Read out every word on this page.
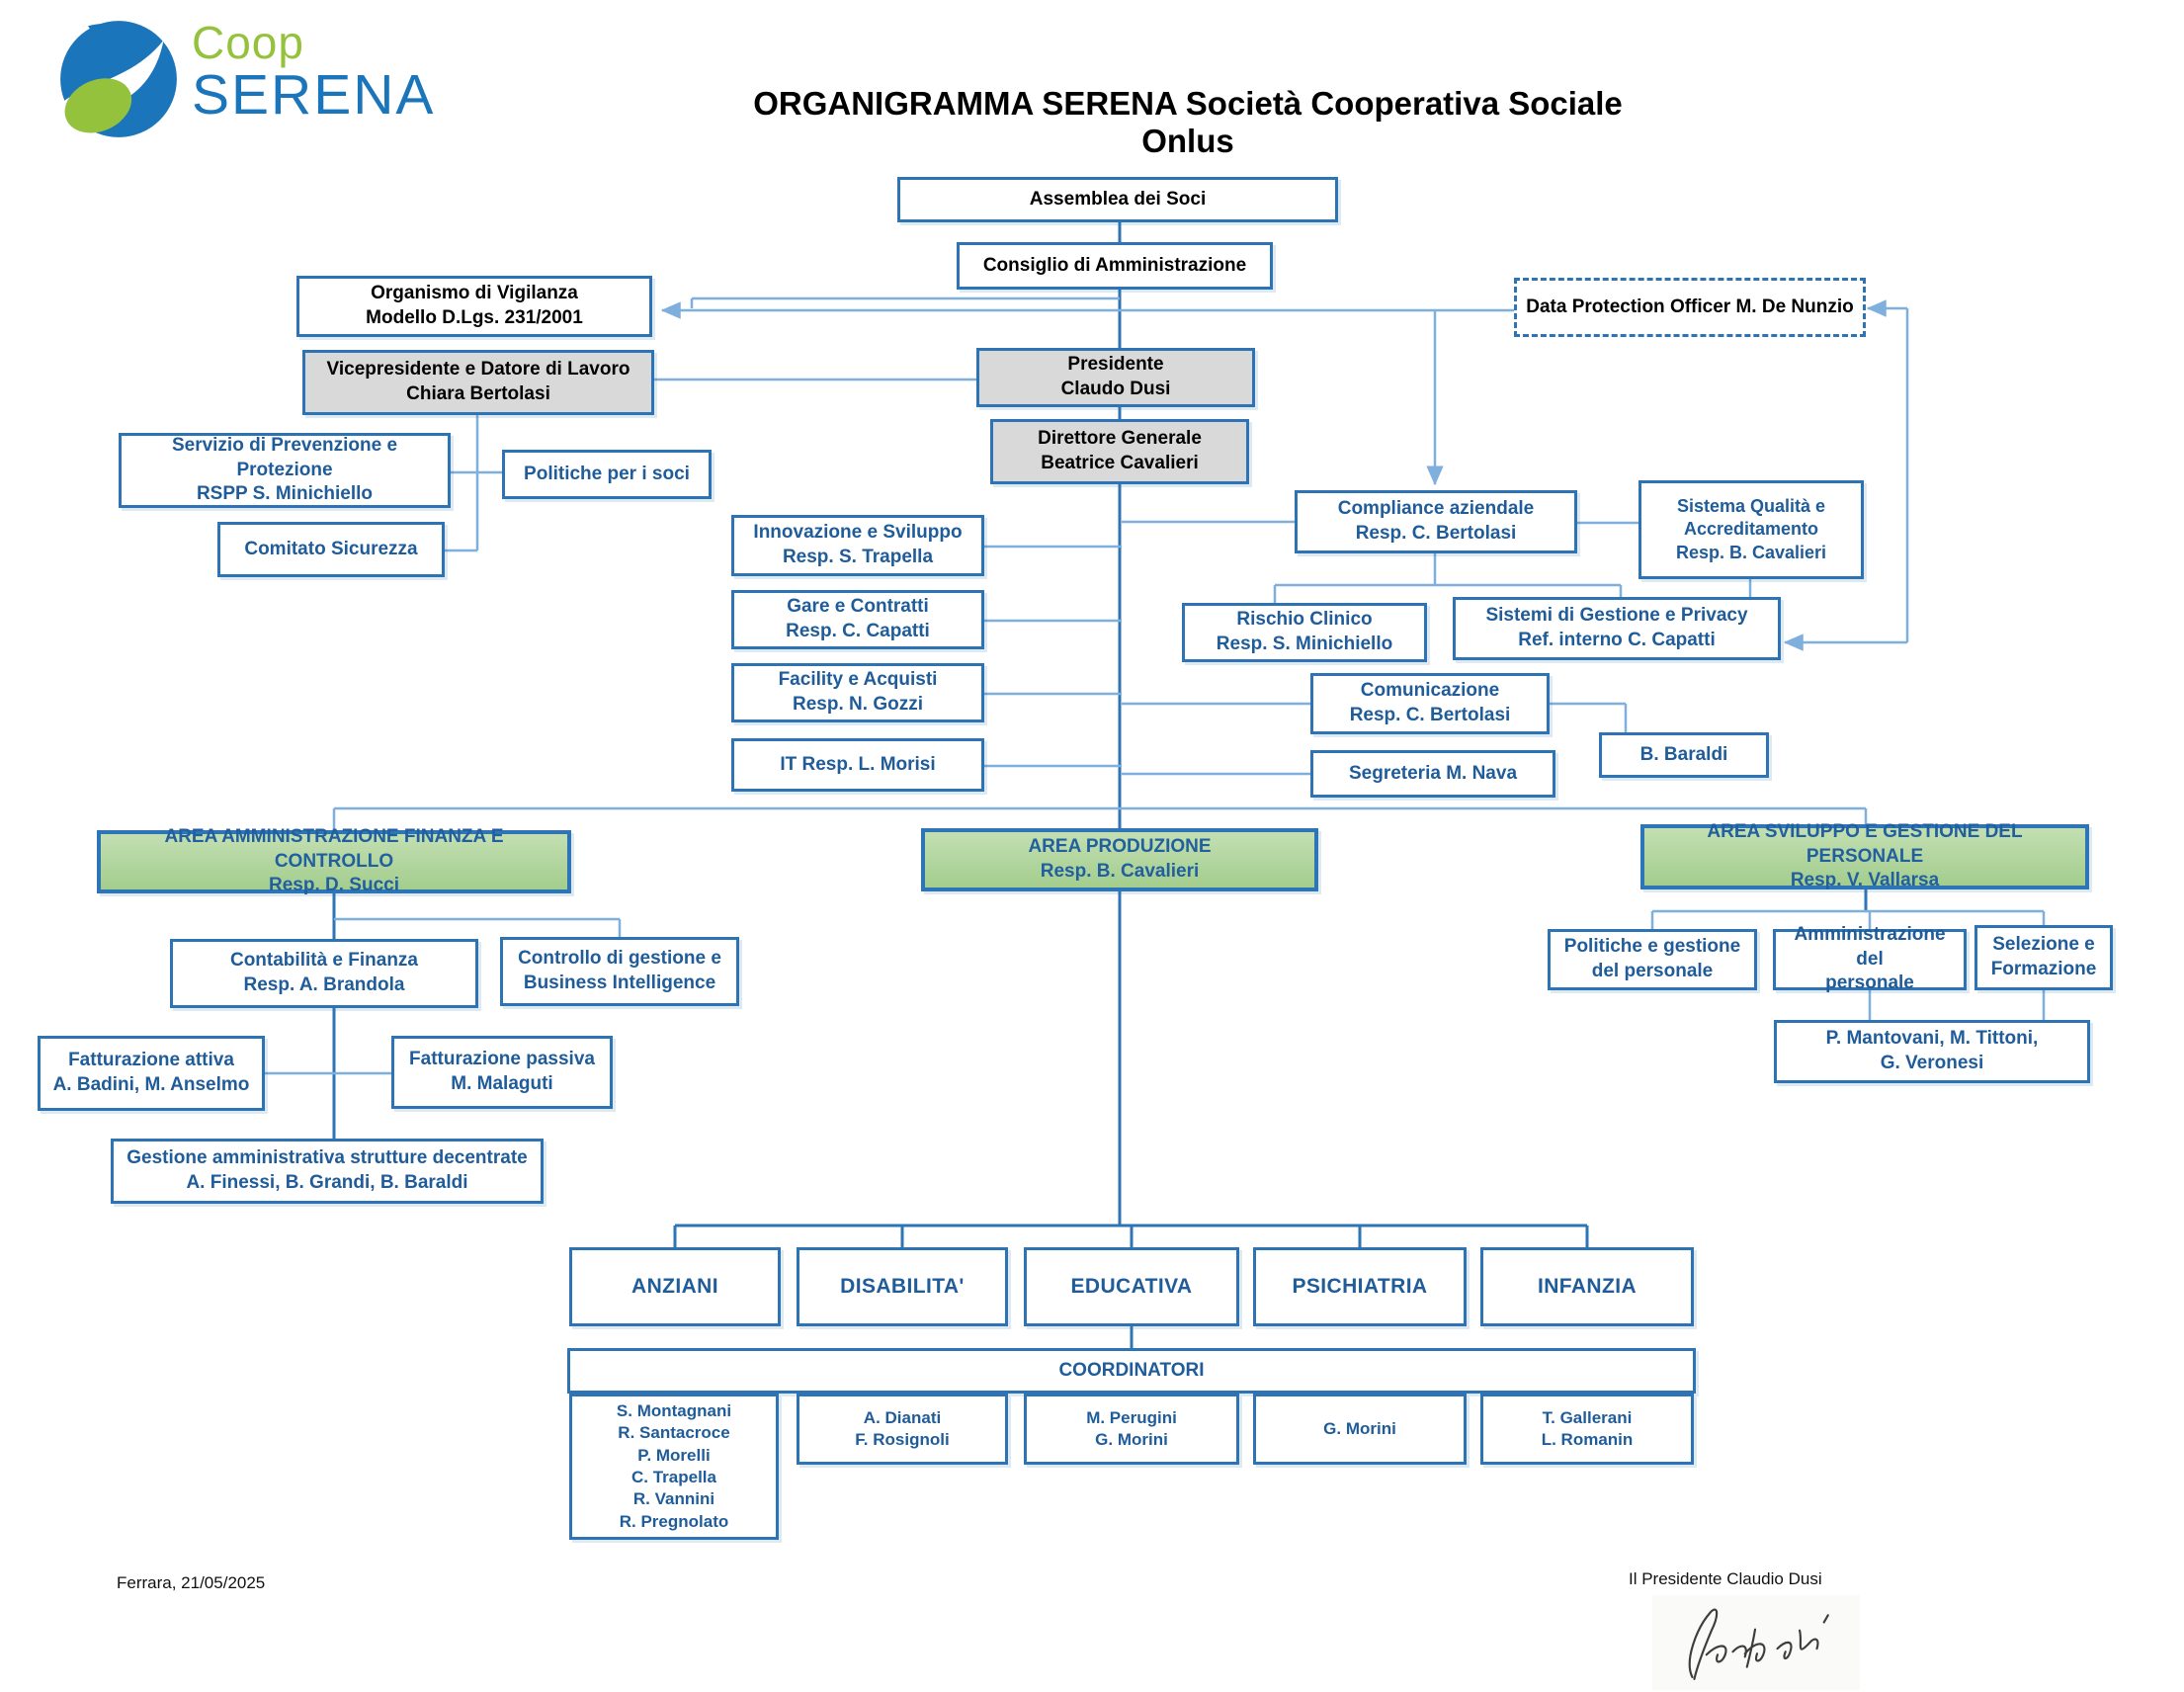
Coop
SERENA	ORGANIGRAMMA SERENA Società Cooperativa Sociale Onlus
Assemblea dei Soci
Consiglio di Amministrazione
Organismo di Vigilanza
Modello D.Lgs. 231/2001
Data Protection Officer M. De Nunzio
Vicepresidente e Datore di Lavoro
Chiara Bertolasi
Presidente
Claudo Dusi
Direttore Generale
Beatrice Cavalieri
Servizio di Prevenzione e Protezione
RSPP S. Minichiello
Politiche per i soci
Comitato Sicurezza
Innovazione e Sviluppo
Resp. S. Trapella
Gare e Contratti
Resp. C. Capatti
Facility e Acquisti
Resp. N. Gozzi
IT Resp. L. Morisi
Compliance aziendale
Resp. C. Bertolasi
Sistema Qualità e
Accreditamento
Resp. B. Cavalieri
Rischio Clinico
Resp. S. Minichiello
Sistemi di Gestione e Privacy
Ref. interno C. Capatti
Comunicazione
Resp. C. Bertolasi
B. Baraldi
Segreteria M. Nava
AREA AMMINISTRAZIONE FINANZA E CONTROLLO
Resp. D. Succi
AREA PRODUZIONE
Resp. B. Cavalieri
AREA SVILUPPO E GESTIONE DEL PERSONALE
Resp. V. Vallarsa
Contabilità e Finanza
Resp. A. Brandola
Controllo di gestione e
Business Intelligence
Fatturazione attiva
A. Badini, M. Anselmo
Fatturazione passiva
M. Malaguti
Gestione amministrativa strutture decentrate
A. Finessi, B. Grandi, B. Baraldi
Politiche e gestione
del personale
Amministrazione del
personale
Selezione e
Formazione
P. Mantovani, M. Tittoni,
G. Veronesi
ANZIANI	DISABILITA'	EDUCATIVA	PSICHIATRIA	INFANZIA
COORDINATORI
S. Montagnani
R. Santacroce
P. Morelli
C. Trapella
R. Vannini
R. Pregnolato
A. Dianati
F. Rosignoli
M. Perugini
G. Morini
G. Morini
T. Gallerani
L. Romanin
Ferrara, 21/05/2025	Il Presidente Claudio Dusi
